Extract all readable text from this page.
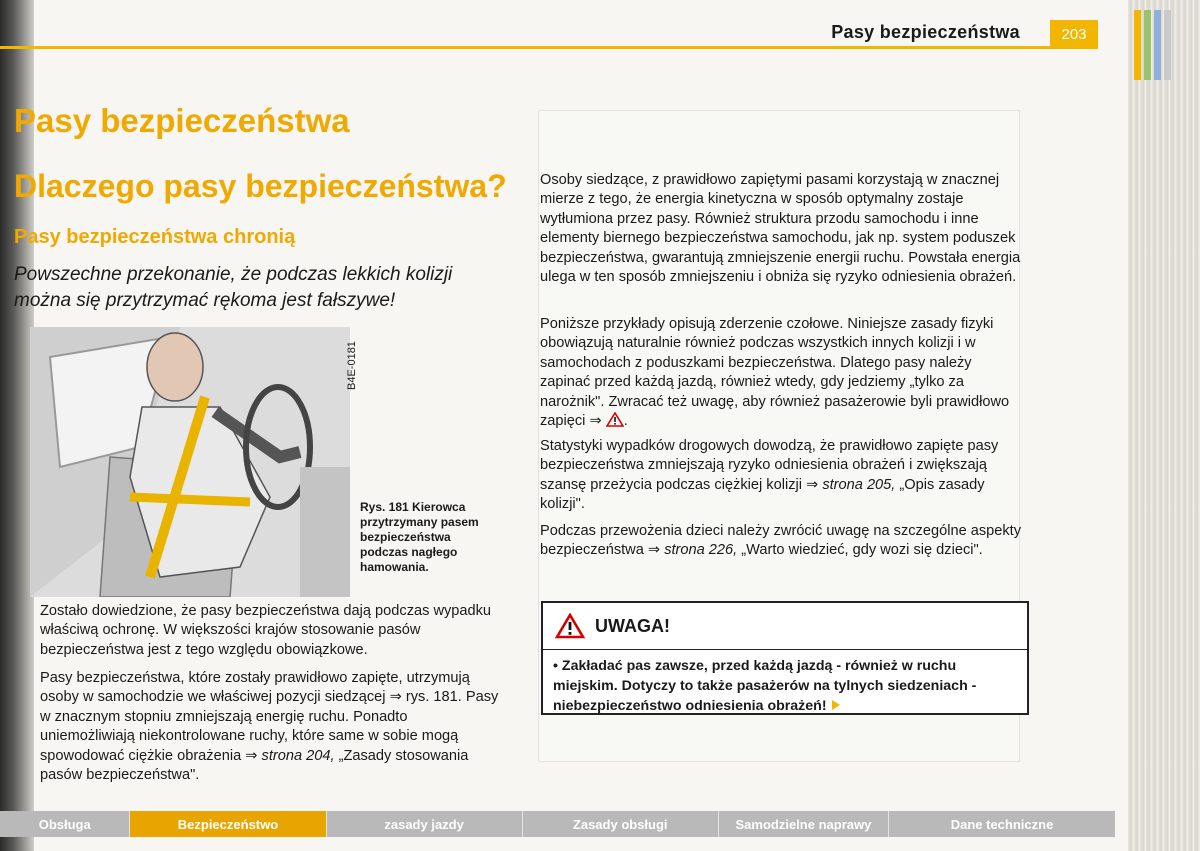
Pasy bezpieczeństwa	203
Pasy bezpieczeństwa
Dlaczego pasy bezpieczeństwa?
Pasy bezpieczeństwa chronią
Powszechne przekonanie, że podczas lekkich kolizji można się przytrzymać rękoma jest fałszywe!
B4E-0181
Rys. 181 Kierowca przytrzymany pasem bezpieczeństwa podczas nagłego hamowania.
Zostało dowiedzione, że pasy bezpieczeństwa dają podczas wypadku właściwą ochronę. W większości krajów stosowanie pasów bezpieczeństwa jest z tego względu obowiązkowe.
Pasy bezpieczeństwa, które zostały prawidłowo zapięte, utrzymują osoby w samochodzie we właściwej pozycji siedzącej ⇒ rys. 181. Pasy w znacznym stopniu zmniejszają energię ruchu. Ponadto uniemożliwiają niekontrolowane ruchy, które same w sobie mogą spowodować ciężkie obrażenia ⇒ strona 204, „Zasady stosowania pasów bezpieczeństwa".
Osoby siedzące, z prawidłowo zapiętymi pasami korzystają w znacznej mierze z tego, że energia kinetyczna w sposób optymalny zostaje wytłumiona przez pasy. Również struktura przodu samochodu i inne elementy biernego bezpieczeństwa samochodu, jak np. system poduszek bezpieczeństwa, gwarantują zmniejszenie energii ruchu. Powstała energia ulega w ten sposób zmniejszeniu i obniża się ryzyko odniesienia obrażeń.
Poniższe przykłady opisują zderzenie czołowe. Niniejsze zasady fizyki obowiązują naturalnie również podczas wszystkich innych kolizji i w samochodach z poduszkami bezpieczeństwa. Dlatego pasy należy zapinać przed każdą jazdą, również wtedy, gdy jedziemy „tylko za narożnik". Zwracać też uwagę, aby również pasażerowie byli prawidłowo zapięci ⇒ .
Statystyki wypadków drogowych dowodzą, że prawidłowo zapięte pasy bezpieczeństwa zmniejszają ryzyko odniesienia obrażeń i zwiększają szansę przeżycia podczas ciężkiej kolizji ⇒ strona 205, „Opis zasady kolizji".
Podczas przewożenia dzieci należy zwrócić uwagę na szczególne aspekty bezpieczeństwa ⇒ strona 226, „Warto wiedzieć, gdy wozi się dzieci".
UWAGA!
• Zakładać pas zawsze, przed każdą jazdą - również w ruchu miejskim. Dotyczy to także pasażerów na tylnych siedzeniach - niebezpieczeństwo odniesienia obrażeń!
Obsługa	Bezpieczeństwo	zasady jazdy	Zasady obsługi	Samodzielne naprawy	Dane techniczne
